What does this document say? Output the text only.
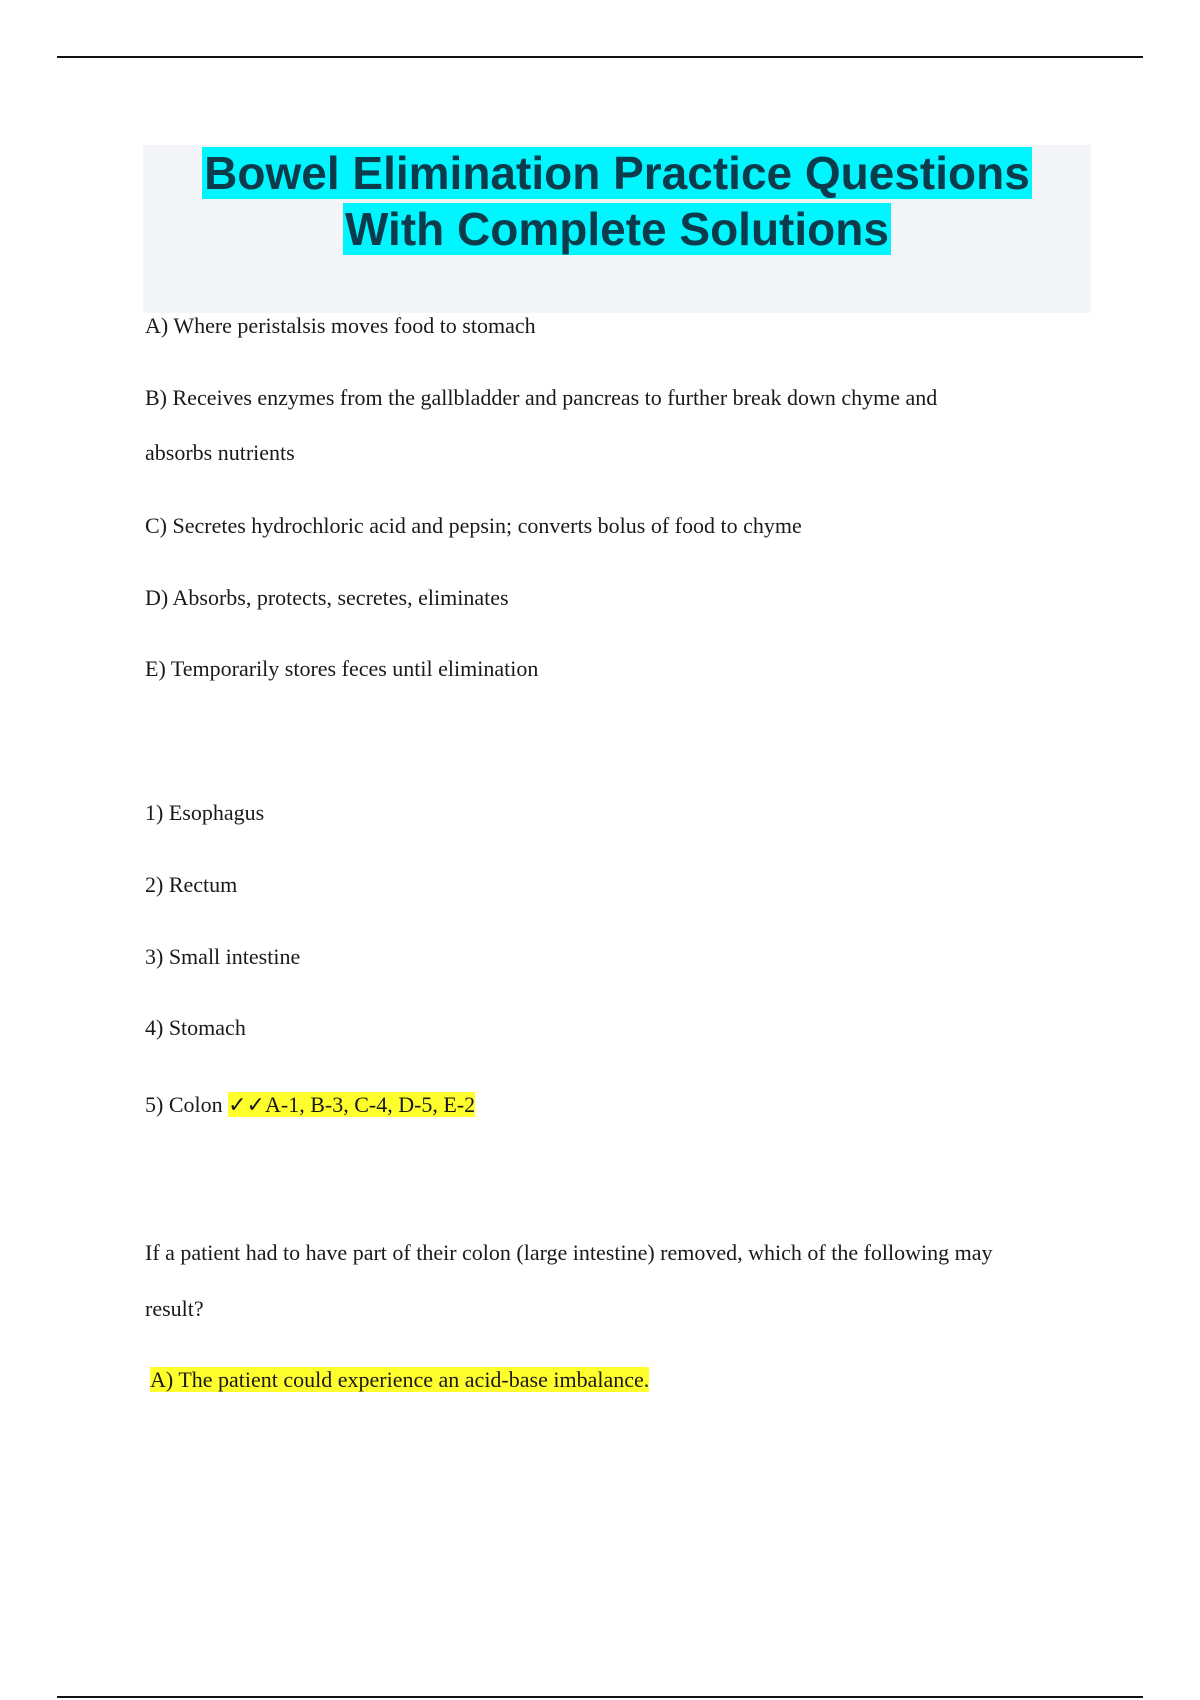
Bowel Elimination Practice Questions
With Complete Solutions
A) Where peristalsis moves food to stomach
B) Receives enzymes from the gallbladder and pancreas to further break down chyme and
absorbs nutrients
C) Secretes hydrochloric acid and pepsin; converts bolus of food to chyme
D) Absorbs, protects, secretes, eliminates
E) Temporarily stores feces until elimination
1) Esophagus
2) Rectum
3) Small intestine
4) Stomach
5) Colon ✓✓A-1, B-3, C-4, D-5, E-2
If a patient had to have part of their colon (large intestine) removed, which of the following may
result?
A) The patient could experience an acid-base imbalance.
